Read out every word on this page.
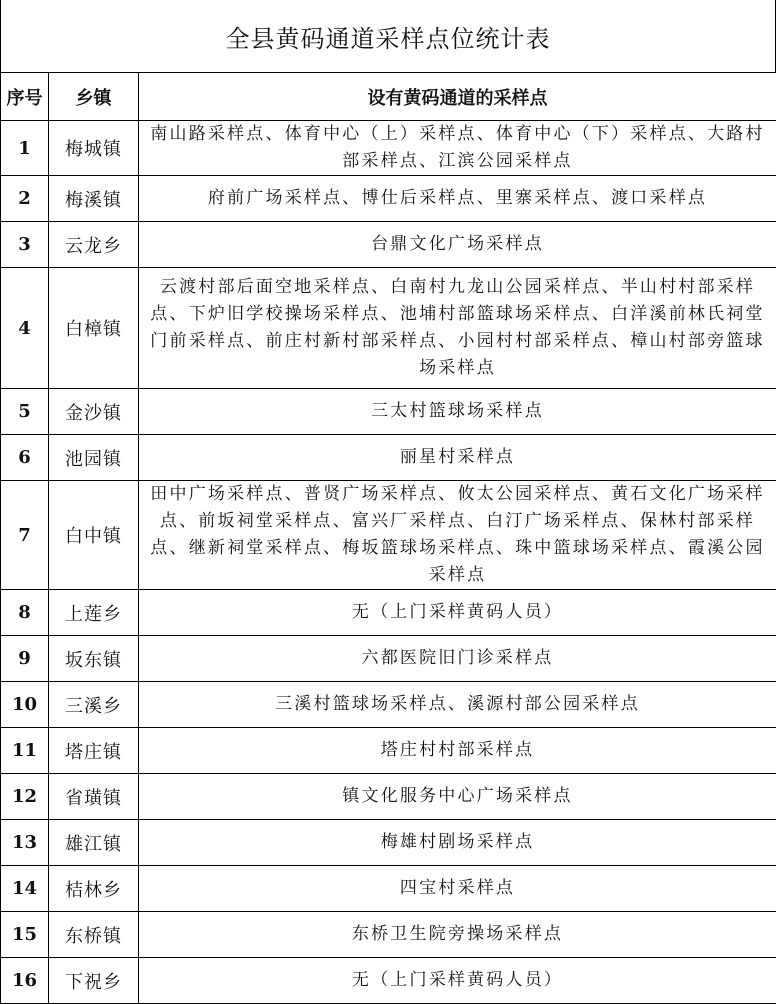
全县黄码通道采样点位统计表
序号	乡镇	设有黄码通道的采样点
1	梅城镇	南山路采样点、体育中心（上）采样点、体育中心（下）采样点、大路村部采样点、江滨公园采样点
2	梅溪镇	府前广场采样点、博仕后采样点、里寨采样点、渡口采样点
3	云龙乡	台鼎文化广场采样点
4	白樟镇	云渡村部后面空地采样点、白南村九龙山公园采样点、半山村村部采样点、下炉旧学校操场采样点、池埔村部篮球场采样点、白洋溪前林氏祠堂门前采样点、前庄村新村部采样点、小园村村部采样点、樟山村部旁篮球场采样点
5	金沙镇	三太村篮球场采样点
6	池园镇	丽星村采样点
7	白中镇	田中广场采样点、普贤广场采样点、攸太公园采样点、黄石文化广场采样点、前坂祠堂采样点、富兴厂采样点、白汀广场采样点、保林村部采样点、继新祠堂采样点、梅坂篮球场采样点、珠中篮球场采样点、霞溪公园采样点
8	上莲乡	无（上门采样黄码人员）
9	坂东镇	六都医院旧门诊采样点
10	三溪乡	三溪村篮球场采样点、溪源村部公园采样点
11	塔庄镇	塔庄村村部采样点
12	省璜镇	镇文化服务中心广场采样点
13	雄江镇	梅雄村剧场采样点
14	桔林乡	四宝村采样点
15	东桥镇	东桥卫生院旁操场采样点
16	下祝乡	无（上门采样黄码人员）
